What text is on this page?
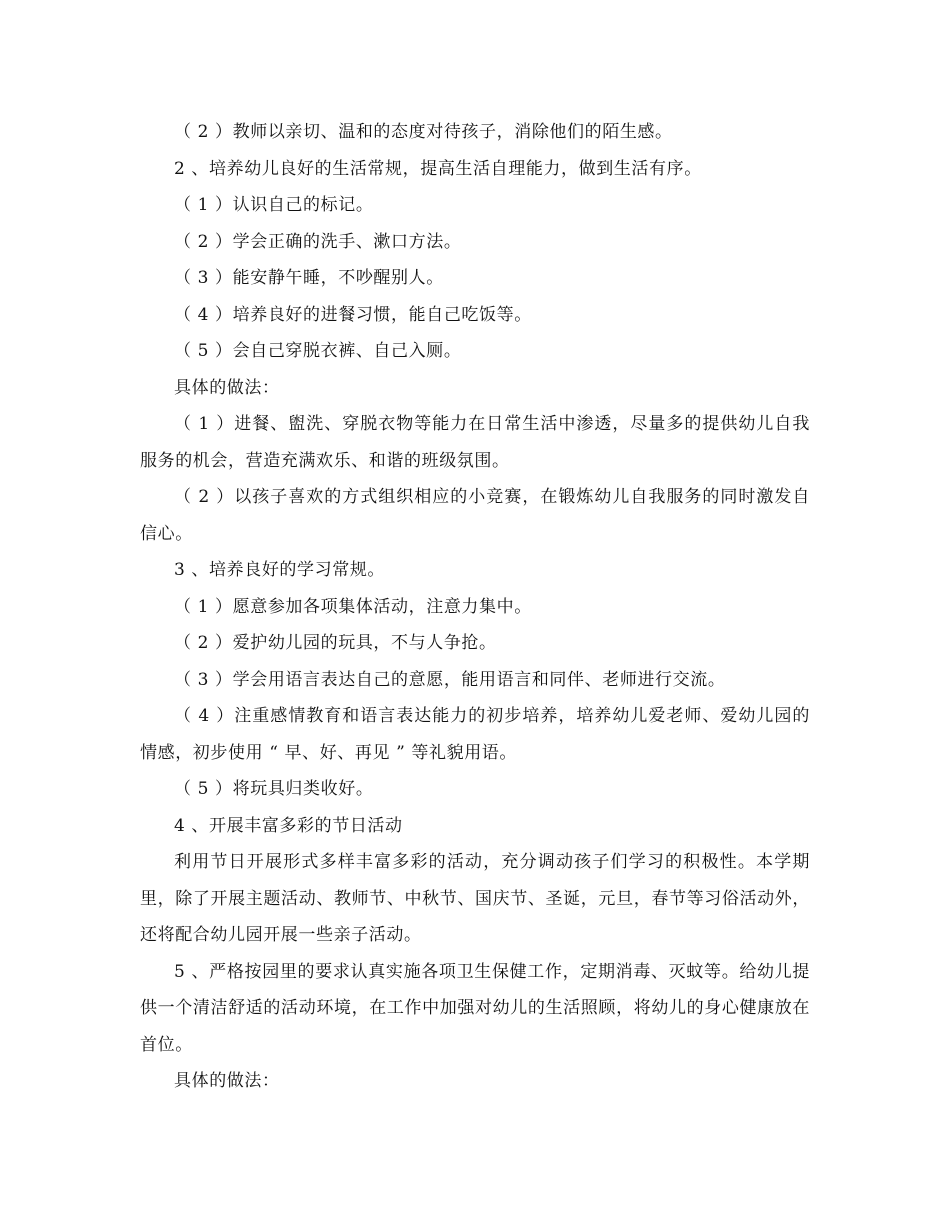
（ 2 ）教师以亲切、温和的态度对待孩子，消除他们的陌生感。

2 、培养幼儿良好的生活常规，提高生活自理能力，做到生活有序。

（ 1 ）认识自己的标记。

（ 2 ）学会正确的洗手、漱口方法。

（ 3 ）能安静午睡，不吵醒别人。

（ 4 ）培养良好的进餐习惯，能自己吃饭等。

（ 5 ）会自己穿脱衣裤、自己入厕。

具体的做法：

（ 1 ）进餐、盥洗、穿脱衣物等能力在日常生活中渗透，尽量多的提供幼儿自我服务的机会，营造充满欢乐、和谐的班级氛围。

（ 2 ）以孩子喜欢的方式组织相应的小竞赛，在锻炼幼儿自我服务的同时激发自信心。

3 、培养良好的学习常规。

（ 1 ）愿意参加各项集体活动，注意力集中。

（ 2 ）爱护幼儿园的玩具，不与人争抢。

（ 3 ）学会用语言表达自己的意愿，能用语言和同伴、老师进行交流。

（ 4 ）注重感情教育和语言表达能力的初步培养，培养幼儿爱老师、爱幼儿园的情感，初步使用 “ 早、好、再见 ” 等礼貌用语。

（ 5 ）将玩具归类收好。

4 、开展丰富多彩的节日活动

利用节日开展形式多样丰富多彩的活动，充分调动孩子们学习的积极性。本学期里，除了开展主题活动、教师节、中秋节、国庆节、圣诞，元旦，春节等习俗活动外，还将配合幼儿园开展一些亲子活动。

5 、严格按园里的要求认真实施各项卫生保健工作，定期消毒、灭蚊等。给幼儿提供一个清洁舒适的活动环境，在工作中加强对幼儿的生活照顾，将幼儿的身心健康放在首位。

具体的做法：
